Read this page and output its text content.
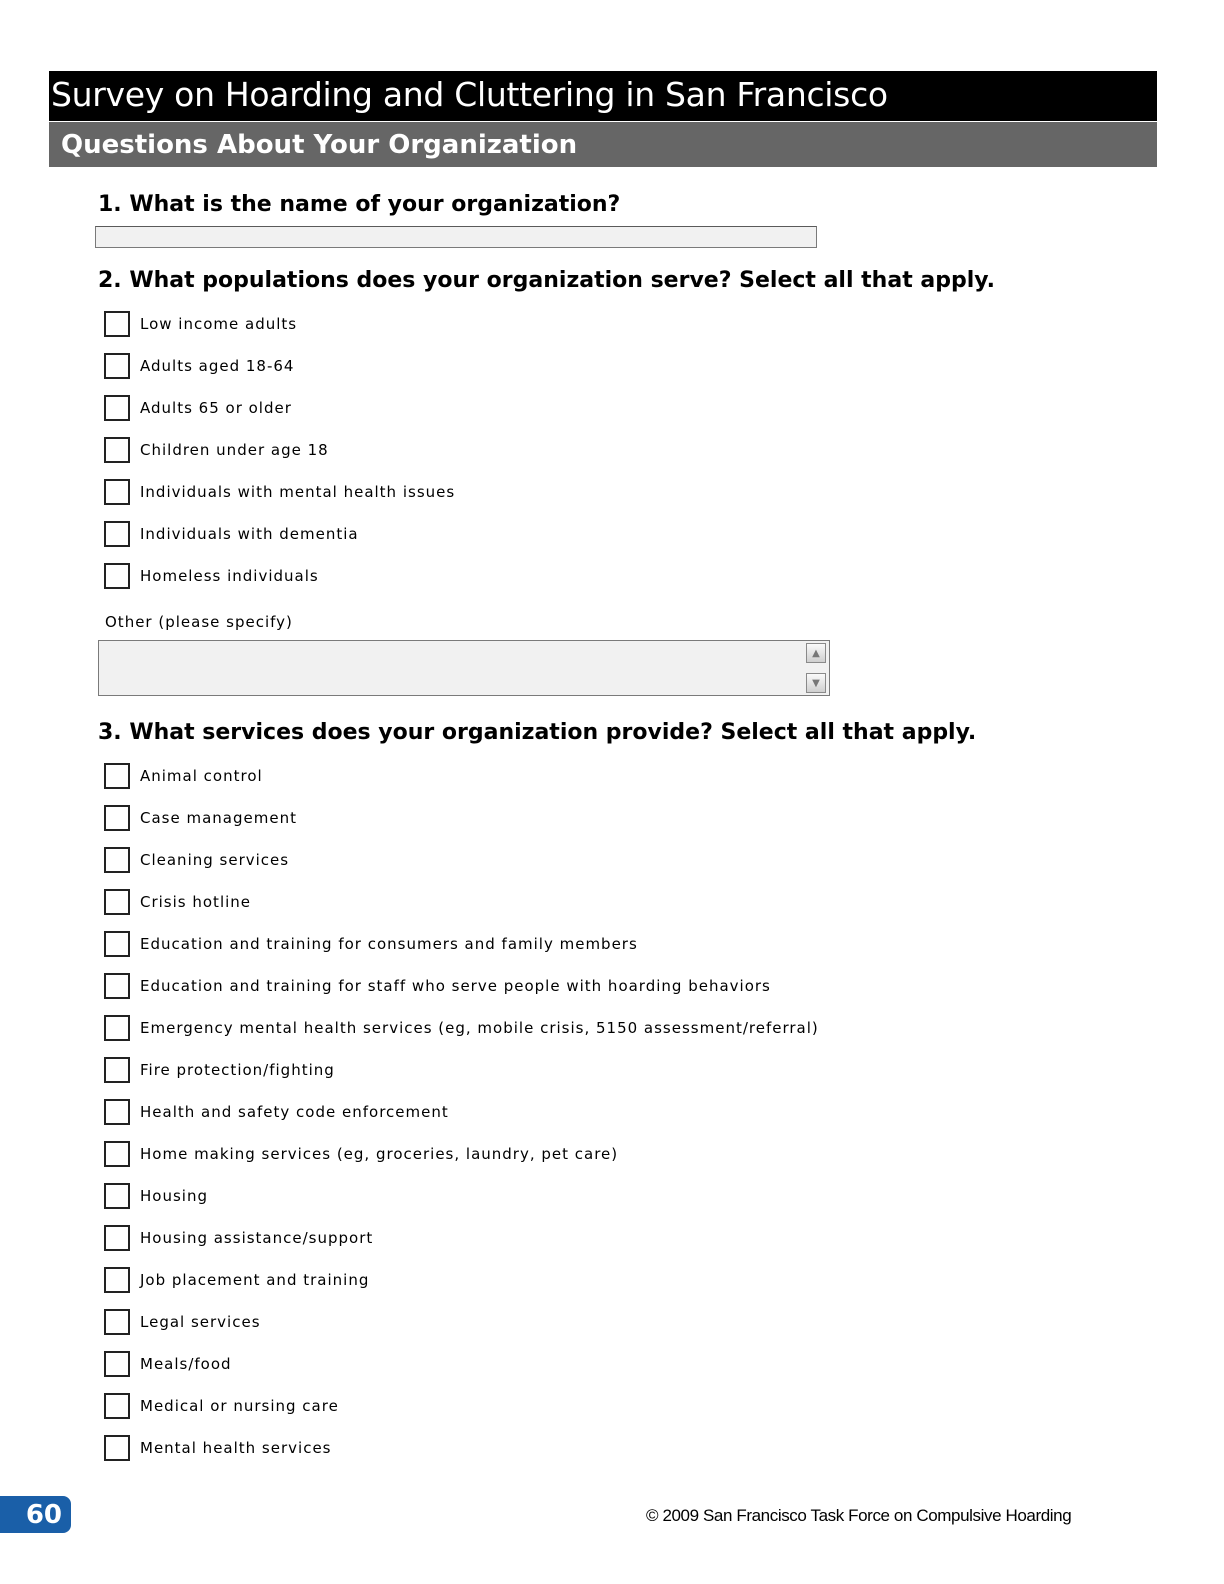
Survey on Hoarding and Cluttering in San Francisco
Questions About Your Organization
1. What is the name of your organization?
2. What populations does your organization serve? Select all that apply.
Low income adults
Adults aged 18-64
Adults 65 or older
Children under age 18
Individuals with mental health issues
Individuals with dementia
Homeless individuals
Other (please specify)
▲
▼
3. What services does your organization provide? Select all that apply.
Animal control
Case management
Cleaning services
Crisis hotline
Education and training for consumers and family members
Education and training for staff who serve people with hoarding behaviors
Emergency mental health services (eg, mobile crisis, 5150 assessment/referral)
Fire protection/fighting
Health and safety code enforcement
Home making services (eg, groceries, laundry, pet care)
Housing
Housing assistance/support
Job placement and training
Legal services
Meals/food
Medical or nursing care
Mental health services
60	© 2009 San Francisco Task Force on Compulsive Hoarding
